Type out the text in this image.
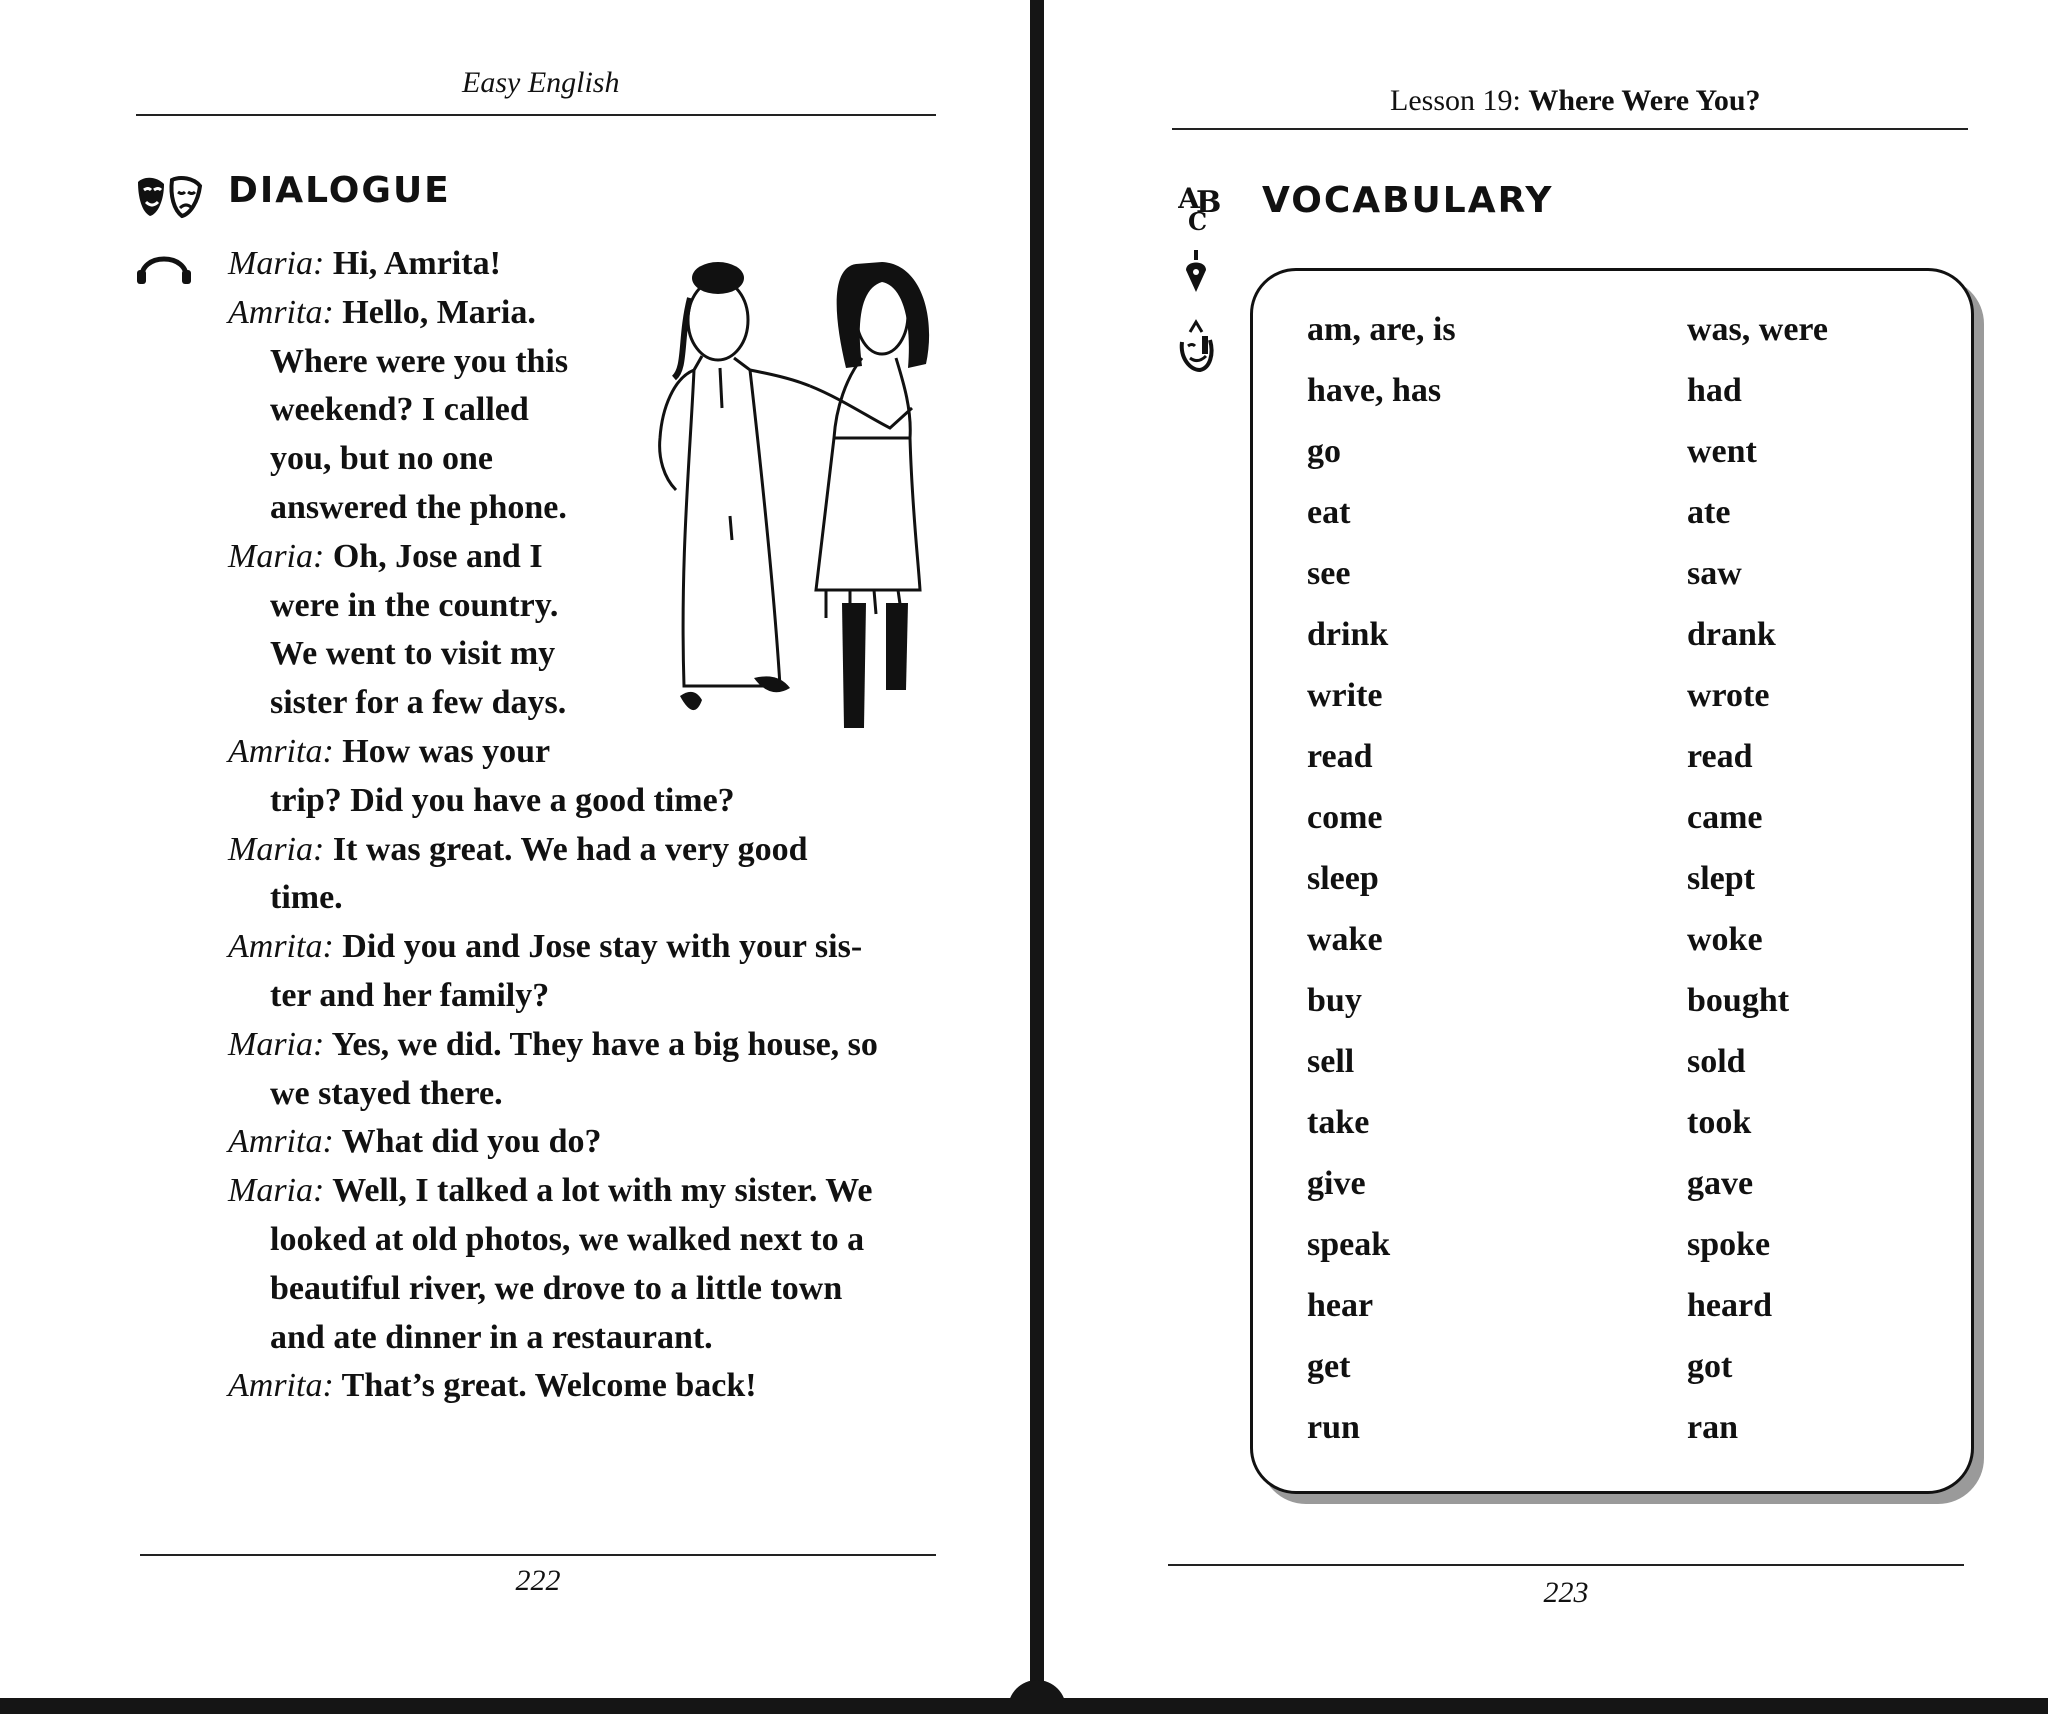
Easy English
DIALOGUE
Maria: Hi, Amrita!
Amrita: Hello, Maria.
Where were you this
weekend? I called
you, but no one
answered the phone.
Maria: Oh, Jose and I
were in the country.
We went to visit my
sister for a few days.
Amrita: How was your
trip? Did you have a good time?
Maria: It was great. We had a very good
time.
Amrita: Did you and Jose stay with your sis-
ter and her family?
Maria: Yes, we did. They have a big house, so
we stayed there.
Amrita: What did you do?
Maria: Well, I talked a lot with my sister. We
looked at old photos, we walked next to a
beautiful river, we drove to a little town
and ate dinner in a restaurant.
Amrita: That’s great. Welcome back!
222
Lesson 19: Where Were You?
A
B
C
VOCABULARY
am, are, is	was, were
have, has	had
go	went
eat	ate
see	saw
drink	drank
write	wrote
read	read
come	came
sleep	slept
wake	woke
buy	bought
sell	sold
take	took
give	gave
speak	spoke
hear	heard
get	got
run	ran
223
